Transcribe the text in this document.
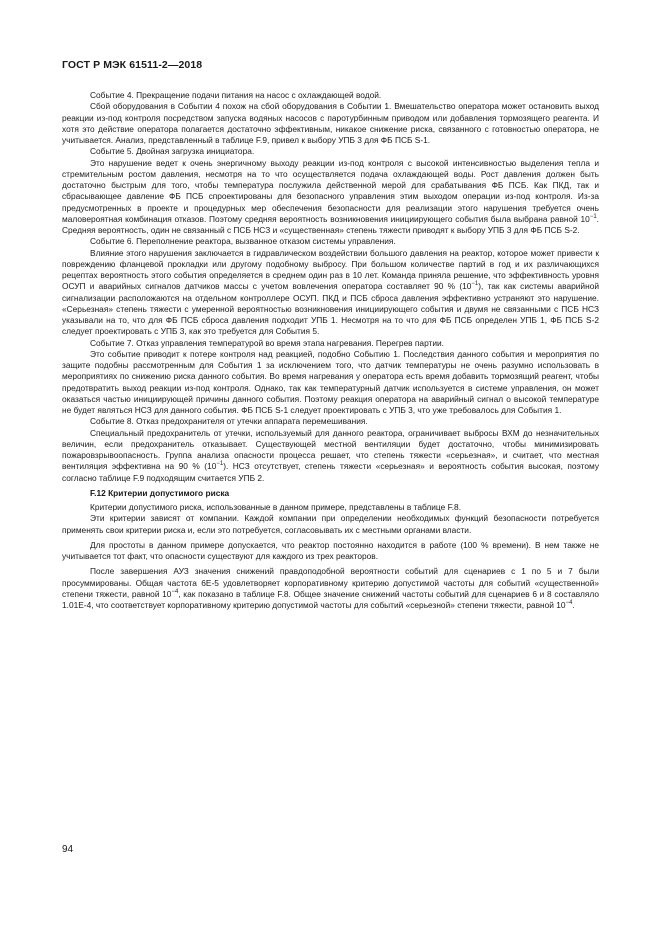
ГОСТ Р МЭК 61511-2—2018

Событие 4. Прекращение подачи питания на насос с охлаждающей водой.

Сбой оборудования в Событии 4 похож на сбой оборудования в Событии 1. Вмешательство оператора может остановить выход реакции из-под контроля посредством запуска водяных насосов с паротурбинным приводом или добавления тормозящего реагента. И хотя это действие оператора полагается достаточно эффективным, никакое снижение риска, связанного с готовностью оператора, не учитывается. Анализ, представленный в таблице F.9, привел к выбору УПБ 3 для ФБ ПСБ S-1.

Событие 5. Двойная загрузка инициатора.

Это нарушение ведет к очень энергичному выходу реакции из-под контроля с высокой интенсивностью выделения тепла и стремительным ростом давления, несмотря на то что осуществляется подача охлаждающей воды. Рост давления должен быть достаточно быстрым для того, чтобы температура послужила действенной мерой для срабатывания ФБ ПСБ. Как ПКД, так и сбрасывающее давление ФБ ПСБ спроектированы для безопасного управления этим выходом операции из-под контроля. Из-за предусмотренных в проекте и процедурных мер обеспечения безопасности для реализации этого нарушения требуется очень маловероятная комбинация отказов. Поэтому средняя вероятность возникновения инициирующего события была выбрана равной $10^{-1}$. Средняя вероятность, один не связанный с ПСБ НСЗ и «существенная» степень тяжести приводят к выбору УПБ 3 для ФБ ПСБ S-2.

Событие 6. Переполнение реактора, вызванное отказом системы управления.

Влияние этого нарушения заключается в гидравлическом воздействии большого давления на реактор, которое может привести к повреждению фланцевой прокладки или другому подобному выбросу. При большом количестве партий в год и их различающихся рецептах вероятность этого события определяется в среднем один раз в 10 лет. Команда приняла решение, что эффективность уровня ОСУП и аварийных сигналов датчиков массы с учетом вовлечения оператора составляет 90 % $(10^{-1})$, так как системы аварийной сигнализации расположаются на отдельном контроллере ОСУП. ПКД и ПСБ сброса давления эффективно устраняют это нарушение. «Серьезная» степень тяжести с умеренной вероятностью возникновения инициирующего события и двумя не связанными с ПСБ НСЗ указывали на то, что для ФБ ПСБ сброса давления подходит УПБ 1. Несмотря на то что для ФБ ПСБ определен УПБ 1, ФБ ПСБ S-2 следует проектировать с УПБ 3, как это требуется для События 5.

Событие 7. Отказ управления температурой во время этапа нагревания. Перегрев партии.

Это событие приводит к потере контроля над реакцией, подобно Событию 1. Последствия данного события и мероприятия по защите подобны рассмотренным для События 1 за исключением того, что датчик температуры не очень разумно использовать в мероприятиях по снижению риска данного события. Во время нагревания у оператора есть время добавить тормозящий реагент, чтобы предотвратить выход реакции из-под контроля. Однако, так как температурный датчик используется в системе управления, он может оказаться частью инициирующей причины данного события. Поэтому реакция оператора на аварийный сигнал о высокой температуре не будет являться НСЗ для данного события. ФБ ПСБ S-1 следует проектировать с УПБ 3, что уже требовалось для События 1.

Событие 8. Отказ предохранителя от утечки аппарата перемешивания.

Специальный предохранитель от утечки, используемый для данного реактора, ограничивает выбросы ВХМ до незначительных величин, если предохранитель отказывает. Существующей местной вентиляции будет достаточно, чтобы минимизировать пожаровзрывоопасность. Группа анализа опасности процесса решает, что степень тяжести «серьезная», и считает, что местная вентиляция эффективна на 90 % $(10^{-1})$. НСЗ отсутствует, степень тяжести «серьезная» и вероятность события высокая, поэтому согласно таблице F.9 подходящим считается УПБ 2.

F.12 Критерии допустимого риска

Критерии допустимого риска, использованные в данном примере, представлены в таблице F.8.

Эти критерии зависят от компании. Каждой компании при определении необходимых функций безопасности потребуется применять свои критерии риска и, если это потребуется, согласовывать их с местными органами власти.

Для простоты в данном примере допускается, что реактор постоянно находится в работе (100 % времени). В нем также не учитывается тот факт, что опасности существуют для каждого из трех реакторов.

После завершения АУЗ значения снижений правдоподобной вероятности событий для сценариев с 1 по 5 и 7 были просуммированы. Общая частота 6E-5 удовлетворяет корпоративному критерию допустимой частоты для событий «существенной» степени тяжести, равной $10^{-4}$, как показано в таблице F.8. Общее значение снижений частоты событий для сценариев 6 и 8 составляло 1.01E-4, что соответствует корпоративному критерию допустимой частоты для событий «серьезной» степени тяжести, равной $10^{-4}$.

94
